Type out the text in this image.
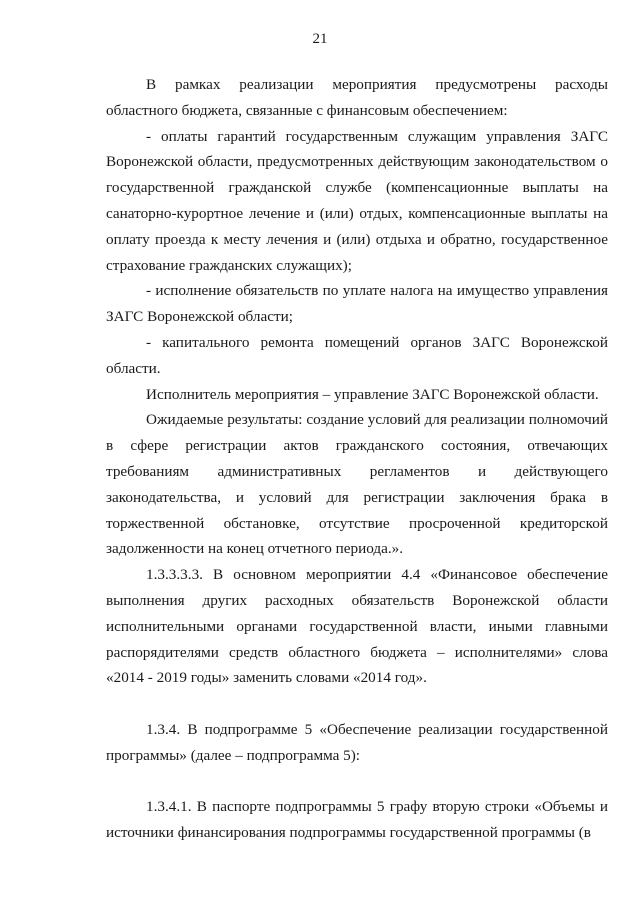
21

В рамках реализации мероприятия предусмотрены расходы областного бюджета, связанные с финансовым обеспечением:

- оплаты гарантий государственным служащим управления ЗАГС Воронежской области, предусмотренных действующим законодательством о государственной гражданской службе (компенсационные выплаты на санаторно-курортное лечение и (или) отдых, компенсационные выплаты на оплату проезда к месту лечения и (или) отдыха и обратно, государственное страхование гражданских служащих);

- исполнение обязательств по уплате налога на имущество управления ЗАГС Воронежской области;

- капитального ремонта помещений органов ЗАГС Воронежской области.

Исполнитель мероприятия – управление ЗАГС Воронежской области.

Ожидаемые результаты: создание условий для реализации полномочий в сфере регистрации актов гражданского состояния, отвечающих требованиям административных регламентов и действующего законодательства, и условий для регистрации заключения брака в торжественной обстановке, отсутствие просроченной кредиторской задолженности на конец отчетного периода.».

1.3.3.3.3. В основном мероприятии 4.4 «Финансовое обеспечение выполнения других расходных обязательств Воронежской области исполнительными органами государственной власти, иными главными распорядителями средств областного бюджета – исполнителями» слова «2014 - 2019 годы» заменить словами «2014 год».

1.3.4. В подпрограмме 5 «Обеспечение реализации государственной программы» (далее – подпрограмма 5):

1.3.4.1. В паспорте подпрограммы 5 графу вторую строки «Объемы и источники финансирования подпрограммы государственной программы (в
